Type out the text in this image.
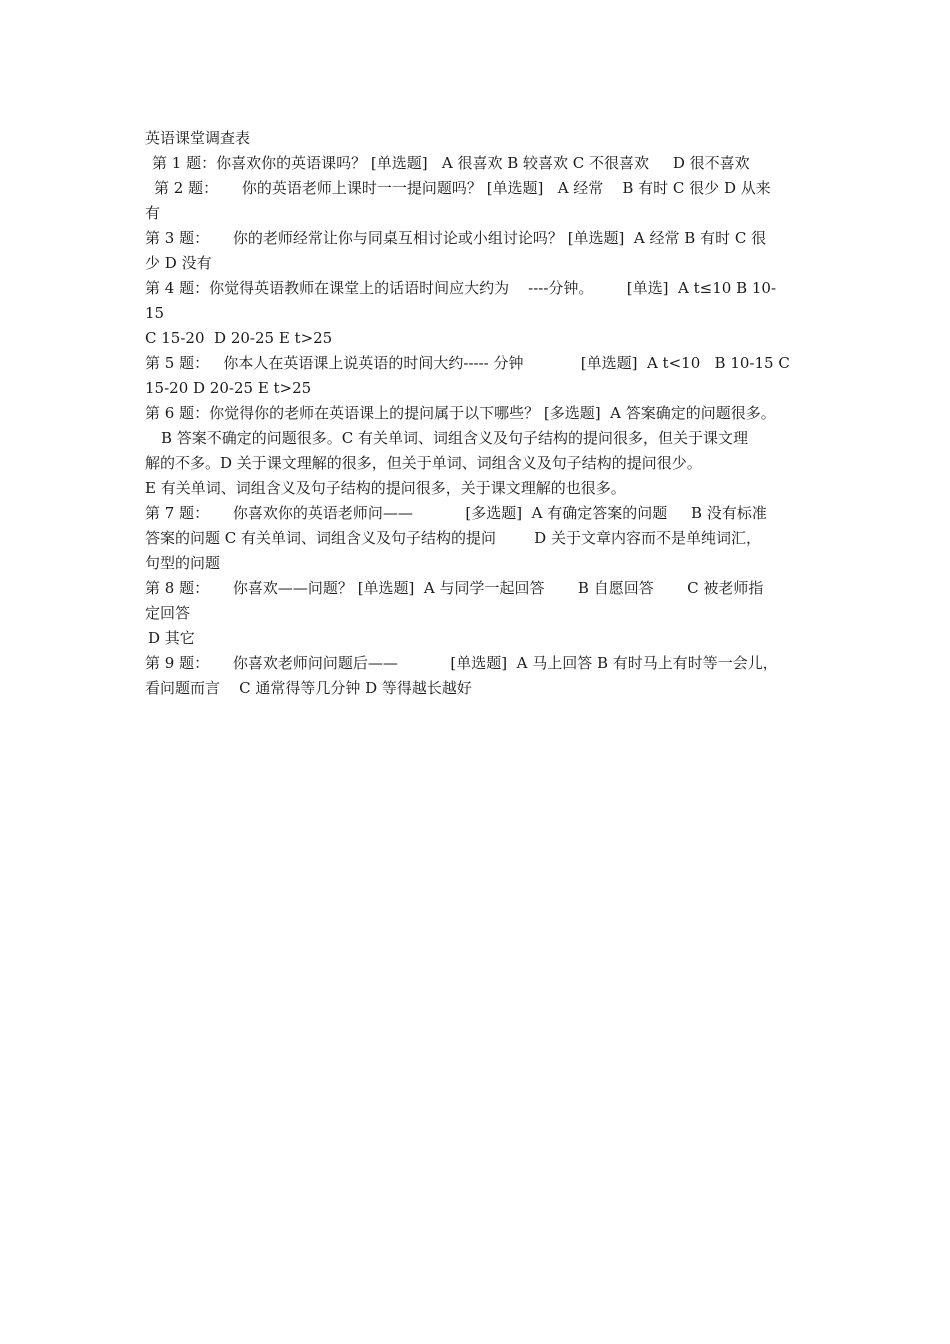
英语课堂调查表
第 1 题：你喜欢你的英语课吗？ [单选题]   A 很喜欢 B 较喜欢 C 不很喜欢     D 很不喜欢
第 2 题：     你的英语老师上课时一一提问题吗？ [单选题]   A 经常    B 有时 C 很少 D 从来
有
第 3 题：     你的老师经常让你与同桌互相讨论或小组讨论吗？ [单选题]  A 经常 B 有时 C 很
少 D 没有
第 4 题：你觉得英语教师在课堂上的话语时间应大约为    ----分钟。       [单选]  A t≤10 B 10-
15
C 15-20  D 20-25 E t>25
第 5 题：   你本人在英语课上说英语的时间大约----- 分钟            [单选题]  A t<10   B 10-15 C
15-20 D 20-25 E t>25
第 6 题：你觉得你的老师在英语课上的提问属于以下哪些？ [多选题]  A 答案确定的问题很多。
B 答案不确定的问题很多。C 有关单词、词组含义及句子结构的提问很多，但关于课文理
解的不多。D 关于课文理解的很多，但关于单词、词组含义及句子结构的提问很少。
E 有关单词、词组含义及句子结构的提问很多，关于课文理解的也很多。
第 7 题：     你喜欢你的英语老师问——           [多选题]  A 有确定答案的问题     B 没有标准
答案的问题 C 有关单词、词组含义及句子结构的提问        D 关于文章内容而不是单纯词汇，
句型的问题
第 8 题：     你喜欢——问题？ [单选题]  A 与同学一起回答       B 自愿回答       C 被老师指
定回答
D 其它
第 9 题：     你喜欢老师问问题后——           [单选题]  A 马上回答 B 有时马上有时等一会儿，
看问题而言    C 通常得等几分钟 D 等得越长越好
